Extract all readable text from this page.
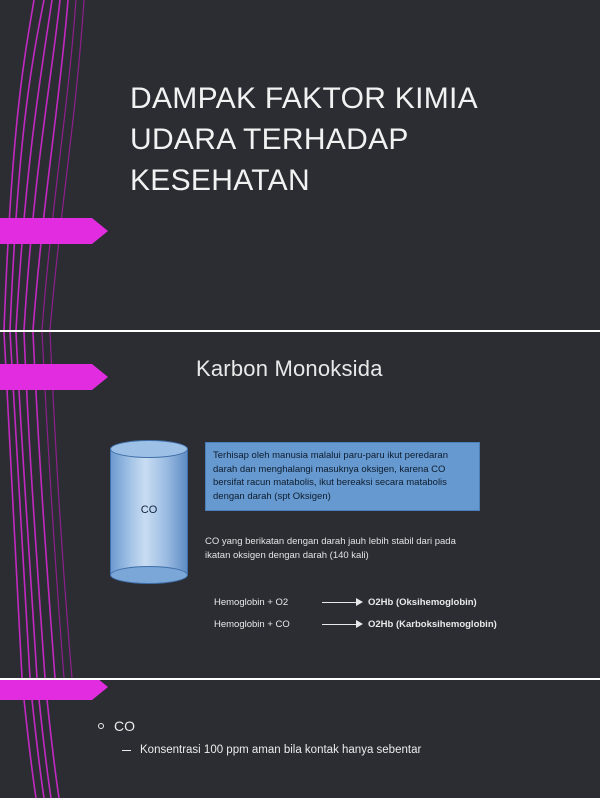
DAMPAK FAKTOR KIMIA
UDARA TERHADAP
KESEHATAN
Karbon Monoksida
CO
Terhisap oleh manusia malalui paru-paru ikut peredaran darah dan menghalangi masuknya oksigen, karena CO bersifat racun matabolis, ikut bereaksi secara matabolis dengan darah (spt Oksigen)
CO yang berikatan dengan darah jauh lebih stabil dari pada ikatan oksigen dengan darah (140 kali)
Hemoglobin + O2	O2Hb (Oksihemoglobin)
Hemoglobin + CO	O2Hb (Karboksihemoglobin)
CO
Konsentrasi 100 ppm aman bila kontak hanya sebentar
